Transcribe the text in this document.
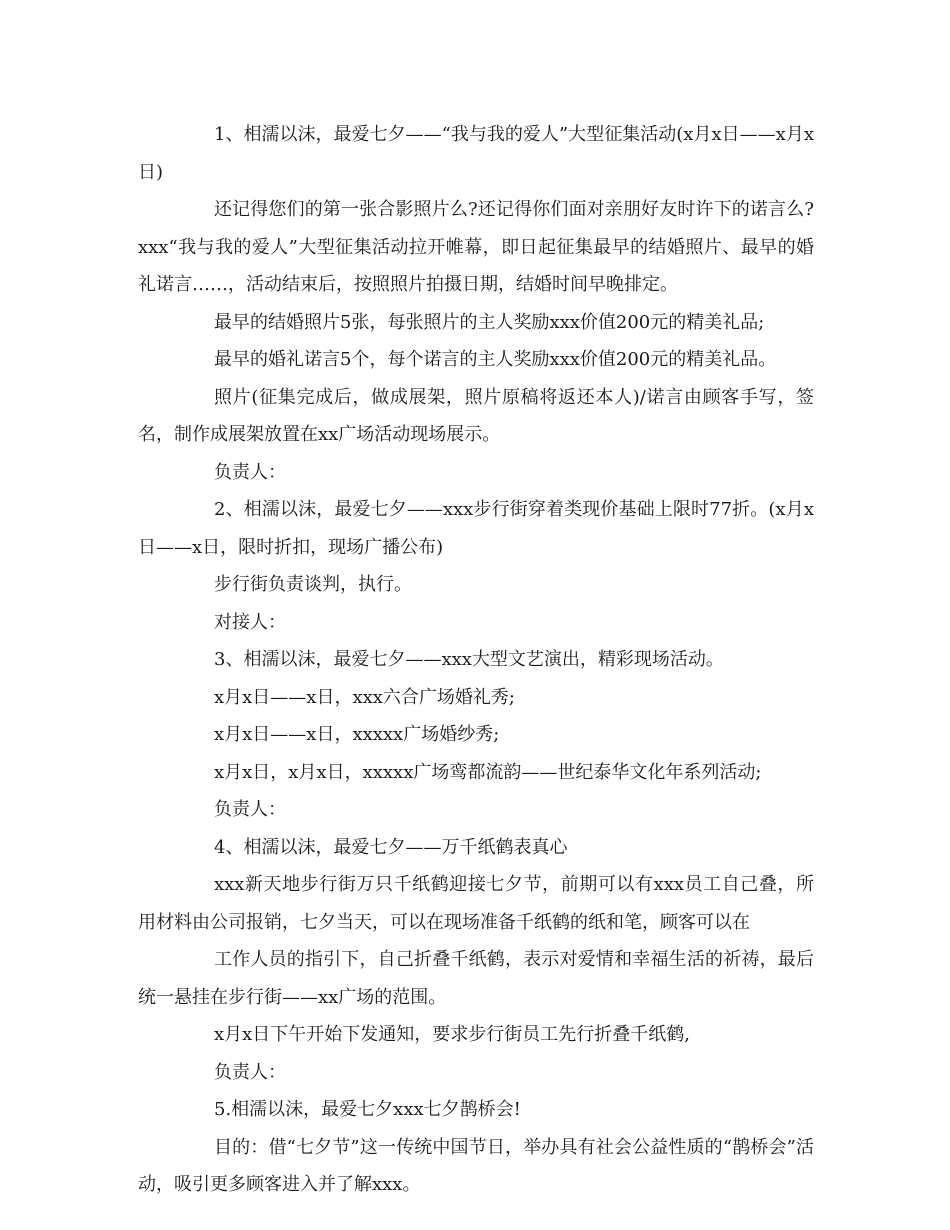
1、相濡以沫，最爱七夕——“我与我的爱人”大型征集活动(x月x日——x月x日)

还记得您们的第一张合影照片么?还记得你们面对亲朋好友时许下的诺言么?xxx“我与我的爱人”大型征集活动拉开帷幕，即日起征集最早的结婚照片、最早的婚礼诺言……，活动结束后，按照照片拍摄日期，结婚时间早晚排定。

最早的结婚照片5张，每张照片的主人奖励xxx价值200元的精美礼品;

最早的婚礼诺言5个，每个诺言的主人奖励xxx价值200元的精美礼品。

照片(征集完成后，做成展架，照片原稿将返还本人)/诺言由顾客手写，签名，制作成展架放置在xx广场活动现场展示。

负责人：

2、相濡以沫，最爱七夕——xxx步行街穿着类现价基础上限时77折。(x月x日——x日，限时折扣，现场广播公布)

步行街负责谈判，执行。

对接人：

3、相濡以沫，最爱七夕——xxx大型文艺演出，精彩现场活动。

x月x日——x日，xxx六合广场婚礼秀;

x月x日——x日，xxxxx广场婚纱秀;

x月x日，x月x日，xxxxx广场鸾都流韵——世纪泰华文化年系列活动;

负责人：

4、相濡以沫，最爱七夕——万千纸鹤表真心

xxx新天地步行街万只千纸鹤迎接七夕节，前期可以有xxx员工自己叠，所用材料由公司报销，七夕当天，可以在现场准备千纸鹤的纸和笔，顾客可以在

工作人员的指引下，自己折叠千纸鹤，表示对爱情和幸福生活的祈祷，最后统一悬挂在步行街——xx广场的范围。

x月x日下午开始下发通知，要求步行街员工先行折叠千纸鹤,

负责人：

5.相濡以沫，最爱七夕xxx七夕鹊桥会!

目的：借“七夕节”这一传统中国节日，举办具有社会公益性质的“鹊桥会”活动，吸引更多顾客进入并了解xxx。
